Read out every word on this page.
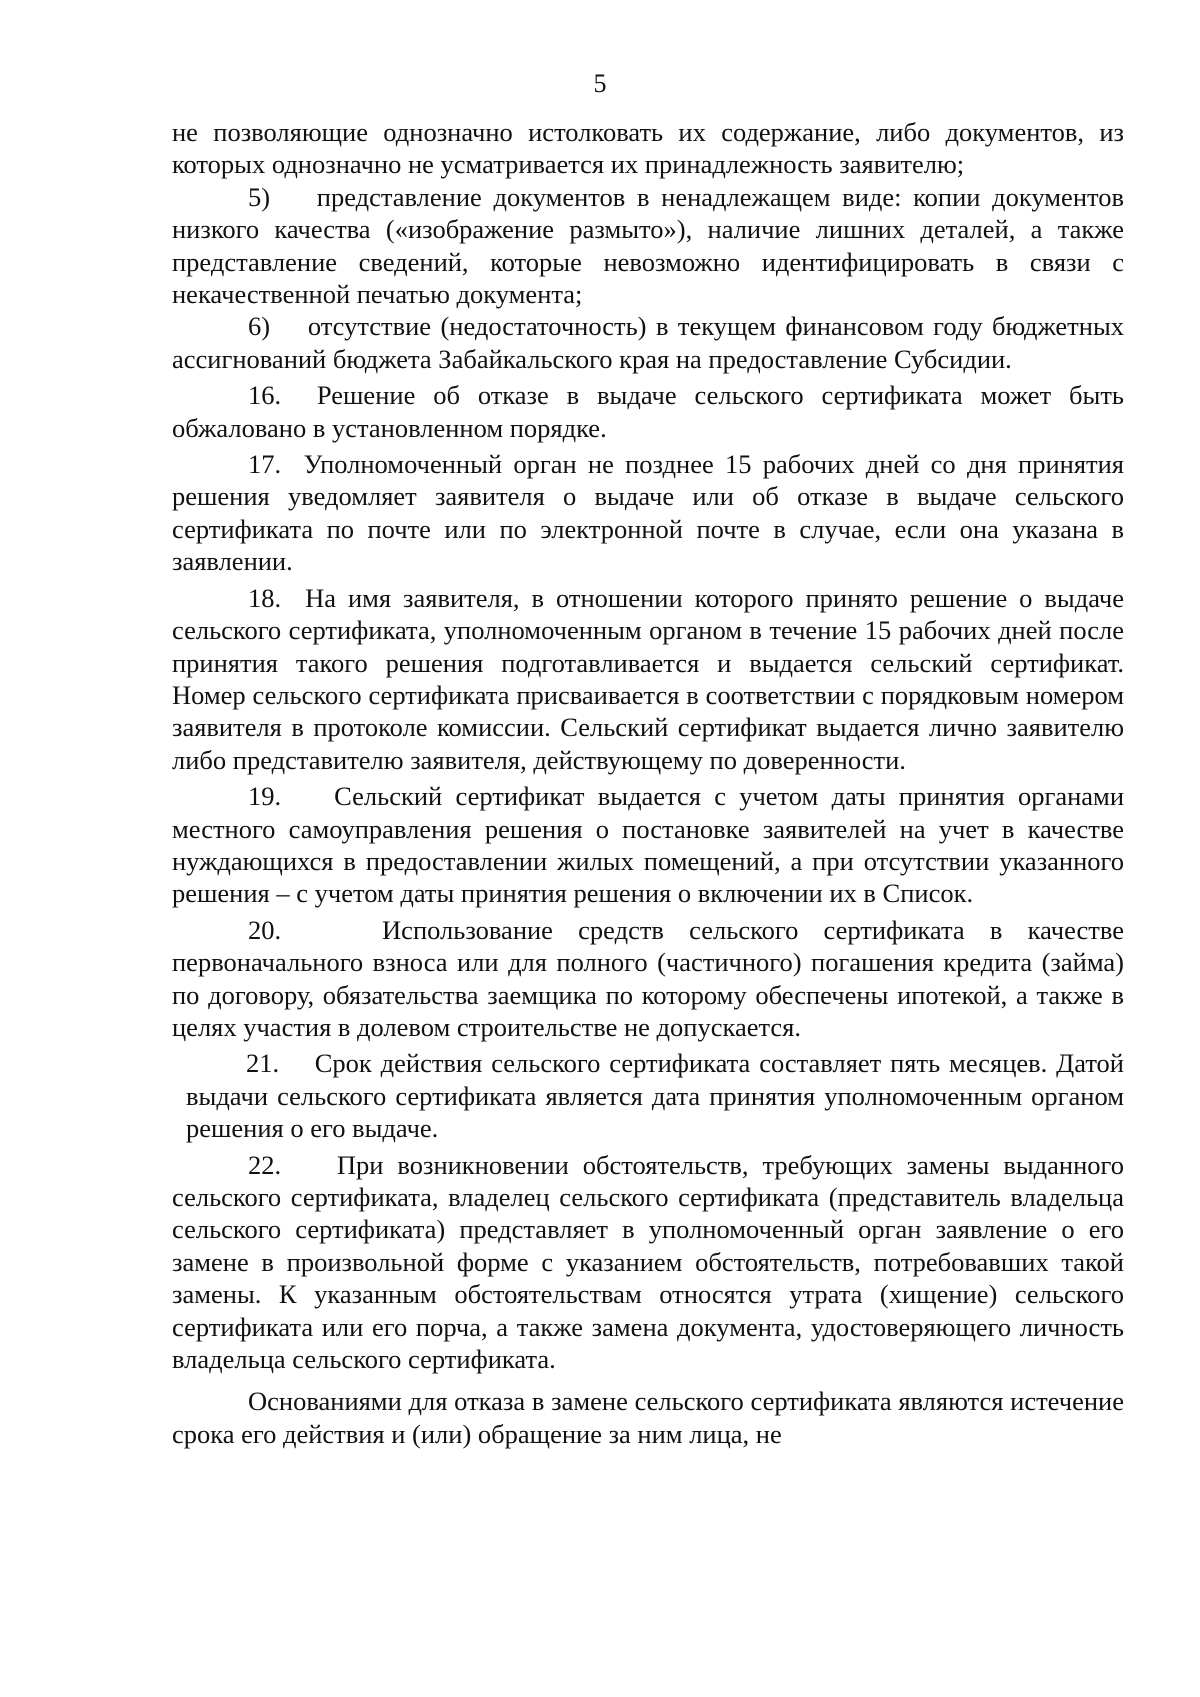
5

не позволяющие однозначно истолковать их содержание, либо документов, из которых однозначно не усматривается их принадлежность заявителю;

5)    представление документов в ненадлежащем виде: копии документов низкого качества («изображение размыто»), наличие лишних деталей, а также представление сведений, которые невозможно идентифицировать в связи с некачественной печатью документа;

6)    отсутствие (недостаточность) в текущем финансовом году бюджетных ассигнований бюджета Забайкальского края на предоставление Субсидии.

16.  Решение об отказе в выдаче сельского сертификата может быть обжаловано в установленном порядке.

17.  Уполномоченный орган не позднее 15 рабочих дней со дня принятия решения уведомляет заявителя о выдаче или об отказе в выдаче сельского сертификата по почте или по электронной почте в случае, если она указана в заявлении.

18.  На имя заявителя, в отношении которого принято решение о выдаче сельского сертификата, уполномоченным органом в течение 15 рабочих дней после принятия такого решения подготавливается и выдается сельский сертификат. Номер сельского сертификата присваивается в соответствии с порядковым номером заявителя в протоколе комиссии. Сельский сертификат выдается лично заявителю либо представителю заявителя, действующему по доверенности.

19.    Сельский сертификат выдается с учетом даты принятия органами местного самоуправления решения о постановке заявителей на учет в качестве нуждающихся в предоставлении жилых помещений, а при отсутствии указанного решения – с учетом даты принятия решения о включении их в Список.

20.    Использование средств сельского сертификата в качестве первоначального взноса или для полного (частичного) погашения кредита (займа) по договору, обязательства заемщика по которому обеспечены ипотекой, а также в целях участия в долевом строительстве не допускается.

21.    Срок действия сельского сертификата составляет пять месяцев. Датой выдачи сельского сертификата является дата принятия уполномоченным органом решения о его выдаче.

22.    При возникновении обстоятельств, требующих замены выданного сельского сертификата, владелец сельского сертификата (представитель владельца сельского сертификата) представляет в уполномоченный орган заявление о его замене в произвольной форме с указанием обстоятельств, потребовавших такой замены. К указанным обстоятельствам относятся утрата (хищение) сельского сертификата или его порча, а также замена документа, удостоверяющего личность владельца сельского сертификата.

Основаниями для отказа в замене сельского сертификата являются истечение срока его действия и (или) обращение за ним лица, не
